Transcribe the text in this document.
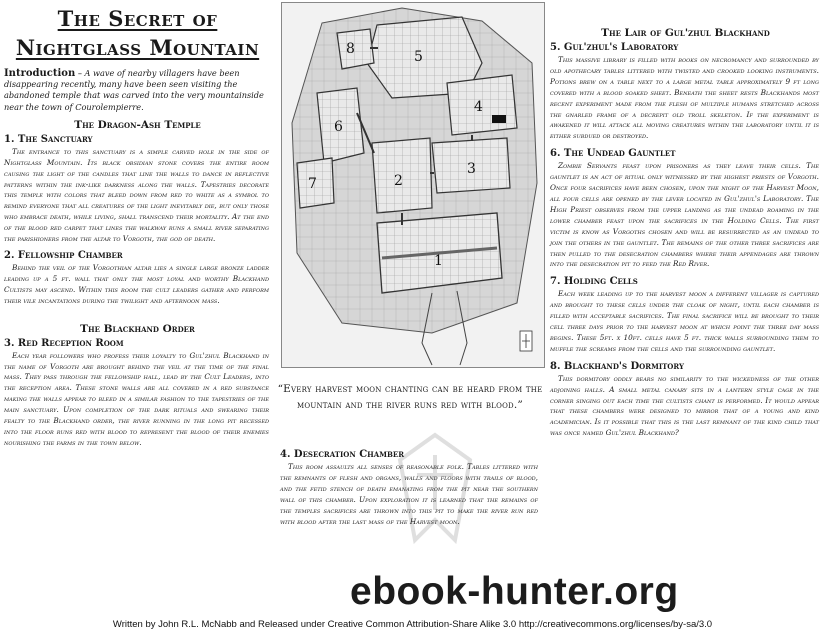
The Secret of
Nightglass Mountain
Introduction – A wave of nearby villagers have been disappearing recently, many have been seen visiting the abandoned temple that was carved into the very mountainside near the town of Courolempierre.
The Dragon-Ash Temple
1. The Sanctuary

The entrance to this sanctuary is a simple carved hole in the side of Nightglass Mountain. Its black obsidian stone covers the entire room causing the light of the candles that line the walls to dance in reflective patterns within the ink-like darkness along the walls. Tapestries decorate this temple with colors that bleed down from red to white as a symbol to remind everyone that all creatures of the light inevitably die, but only those who embrace death, while living, shall transcend their mortality. At the end of the blood red carpet that lines the walkway runs a small river separating the parishioners from the altar to Vorgoth, the god of death.

2. Fellowship Chamber

Behind the veil of the Vorgothian altar lies a single large bronze ladder leading up a 5 ft. wall that only the most loyal and worthy Blackhand Cultists may ascend. Within this room the cult leaders gather and perform their vile incantations during the twilight and afternoon mass.

The Blackhand Order
3. Red Reception Room

Each year followers who profess their loyalty to Gul'zhul Blackhand in the name of Vorgoth are brought behind the veil at the time of the final mass. They pass through the fellowship hall, lead by the Cult Leaders, into the reception area. These stone walls are all covered in a red substance making the walls appear to bleed in a similar fashion to the tapestries of the main sanctuary. Upon completion of the dark rituals and swearing their fealty to the Blackhand order, the river running in the long pit recessed into the floor runs red with blood to represent the blood of their enemies nourishing the farms in the town below.

1
2
3
4
5
6
7
8
“Every harvest moon chanting can be heard from the mountain and the river runs red with blood.”
4. Desecration Chamber

This room assaults all senses of reasonable folk. Tables littered with the remnants of flesh and organs, walls and floors with trails of blood, and the fetid stench of death emanating from the pit near the southern wall of this chamber. Upon exploration it is learned that the remains of the temples sacrifices are thrown into this pit to make the river run red with blood after the last mass of the Harvest moon.

The Lair of Gul'zhul Blackhand
5. Gul'zhul's Laboratory

This massive library is filled with books on necromancy and surrounded by old apothecary tables littered with twisted and crooked looking instruments. Potions brew on a table next to a large metal table approximately 9 ft long covered with a blood soaked sheet. Beneath the sheet rests Blackhands most recent experiment made from the flesh of multiple humans stretched across the gnarled frame of a decrepit old troll skeleton. If the experiment is awakened it will attack all moving creatures within the laboratory until it is either subdued or destroyed.

6. The Undead Gauntlet

Zombie Servants feast upon prisoners as they leave their cells. The gauntlet is an act of ritual only witnessed by the highest priests of Vorgoth. Once four sacrifices have been chosen, upon the night of the Harvest Moon, all four cells are opened by the lever located in Gul'zhul's Laboratory. The High Priest observes from the upper landing as the undead roaming in the lower chamber feast upon the sacrifices in the Holding Cells. The first victim is know as Vorgoths chosen and will be resurrected as an undead to join the others in the gauntlet. The remains of the other three sacrifices are then pulled to the desecration chambers where their appendages are thrown into the desecration pit to feed the Red River.

7. Holding Cells

Each week leading up to the harvest moon a different villager is captured and brought to these cells under the cloak of night, until each chamber is filled with acceptable sacrifices. The final sacrifice will be brought to their cell three days prior to the harvest moon at which point the three day mass begins. These 5ft. x 10ft. cells have 5 ft. thick walls surrounding them to muffle the screams from the cells and the surrounding gauntlet.

8. Blackhand's Dormitory

This dormitory oddly bears no similarity to the wickedness of the other adjoining halls. A small metal canary sits in a lantern style cage in the corner singing out each time the cultists chant is performed. It would appear that these chambers were designed to mirror that of a young and kind academician. Is it possible that this is the last remnant of the kind child that was once named Gul'zhul Blackhand?

ebook-hunter.org
Written by John R.L. McNabb and Released under Creative Common Attribution-Share Alike 3.0 http://creativecommons.org/licenses/by-sa/3.0
